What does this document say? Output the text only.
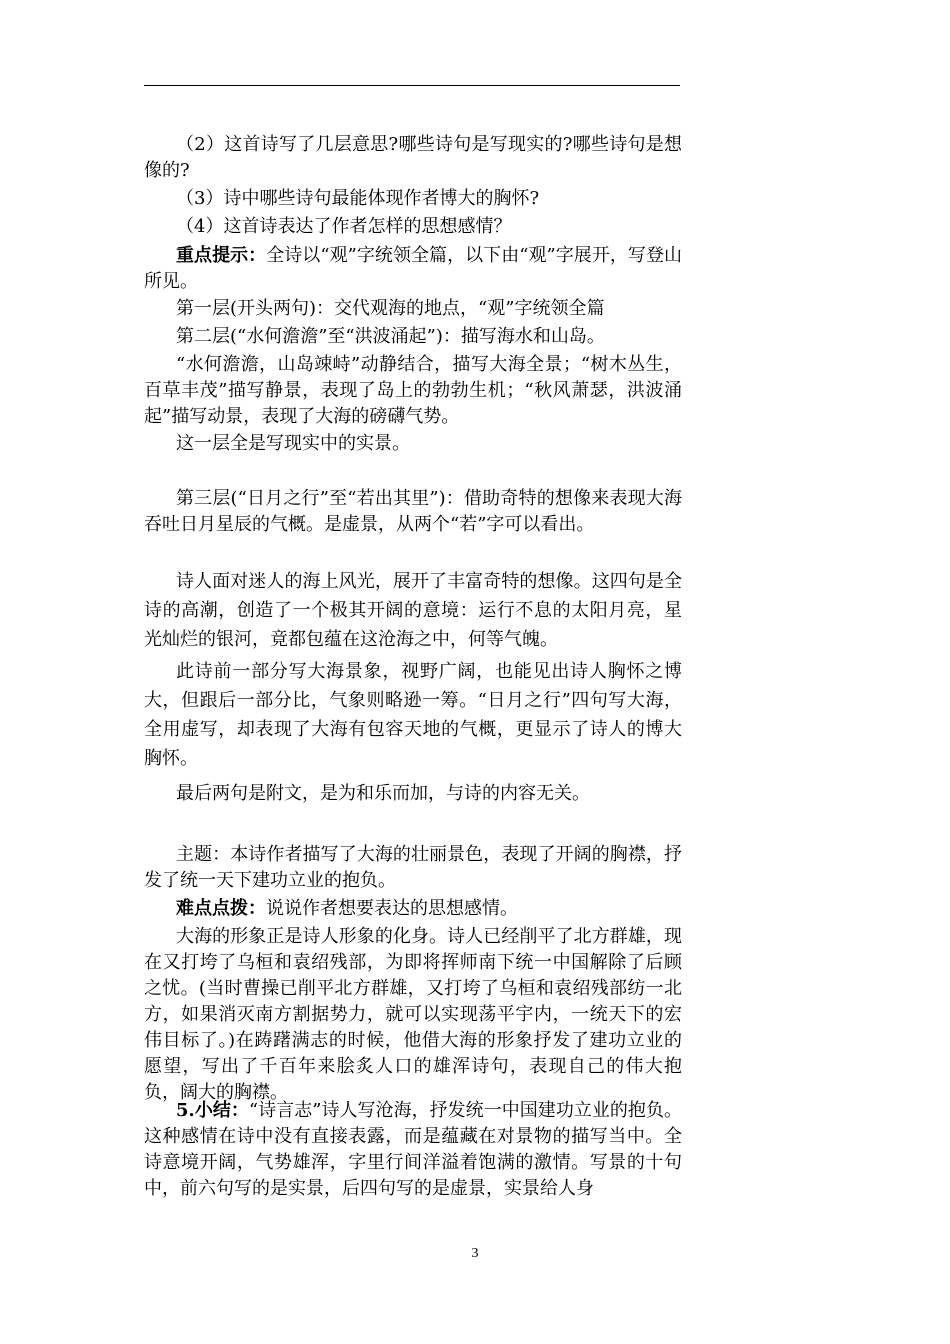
（2）这首诗写了几层意思?哪些诗句是写现实的?哪些诗句是想像的?
（3）诗中哪些诗句最能体现作者博大的胸怀?
（4）这首诗表达了作者怎样的思想感情？
重点提示：全诗以“观”字统领全篇，以下由“观”字展开，写登山所见。
第一层(开头两句)：交代观海的地点，“观”字统领全篇
第二层(“水何澹澹”至“洪波涌起”)：描写海水和山岛。
“水何澹澹，山岛竦峙”动静结合，描写大海全景；“树木丛生，百草丰茂”描写静景，表现了岛上的勃勃生机；“秋风萧瑟，洪波涌起”描写动景，表现了大海的磅礴气势。
这一层全是写现实中的实景。
第三层(“日月之行”至“若出其里”)：借助奇特的想像来表现大海吞吐日月星辰的气概。是虚景，从两个“若”字可以看出。
诗人面对迷人的海上风光，展开了丰富奇特的想像。这四句是全诗的高潮，创造了一个极其开阔的意境：运行不息的太阳月亮，星光灿烂的银河，竟都包蕴在这沧海之中，何等气魄。
此诗前一部分写大海景象，视野广阔，也能见出诗人胸怀之博大，但跟后一部分比，气象则略逊一筹。“日月之行”四句写大海，全用虚写，却表现了大海有包容天地的气概，更显示了诗人的博大胸怀。
最后两句是附文，是为和乐而加，与诗的内容无关。
主题：本诗作者描写了大海的壮丽景色，表现了开阔的胸襟，抒发了统一天下建功立业的抱负。
难点点拨：说说作者想要表达的思想感情。
大海的形象正是诗人形象的化身。诗人已经削平了北方群雄，现在又打垮了乌桓和袁绍残部，为即将挥师南下统一中国解除了后顾之忧。(当时曹操已削平北方群雄，又打垮了乌桓和袁绍残部纺一北方，如果消灭南方割据势力，就可以实现荡平宇内，一统天下的宏伟目标了。)在踌躇满志的时候，他借大海的形象抒发了建功立业的愿望，写出了千百年来脍炙人口的雄浑诗句，表现自己的伟大抱负，阔大的胸襟。
5.小结：“诗言志”诗人写沧海，抒发统一中国建功立业的抱负。这种感情在诗中没有直接表露，而是蕴藏在对景物的描写当中。全诗意境开阔，气势雄浑，字里行间洋溢着饱满的激情。写景的十句中，前六句写的是实景，后四句写的是虚景，实景给人身
3
